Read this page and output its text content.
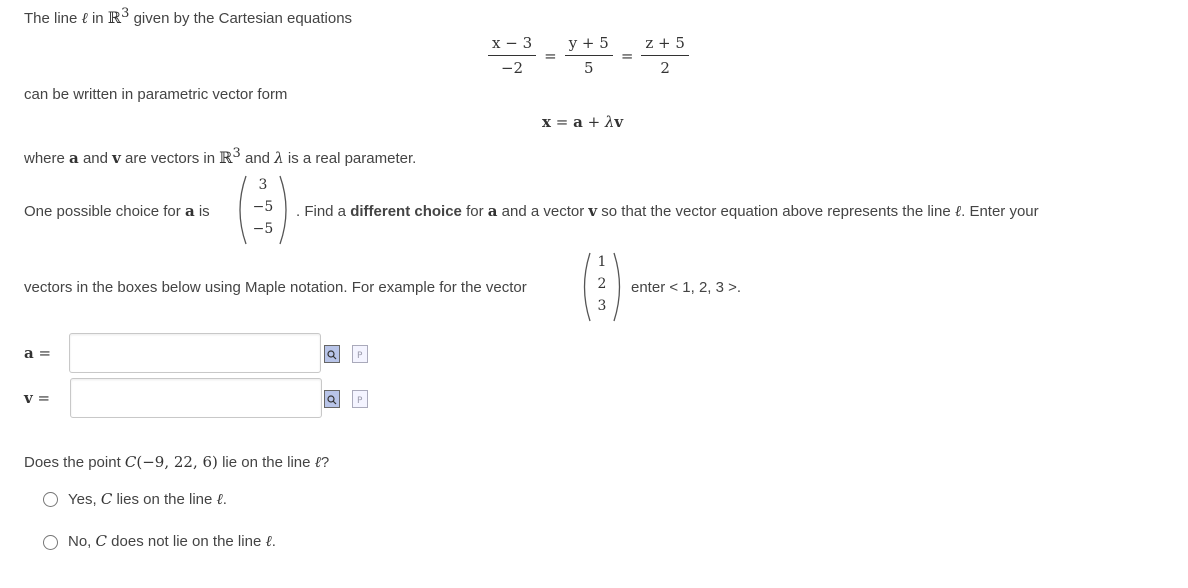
The line ℓ in ℝ$^3$ given by the Cartesian equations
$\frac{x - 3}{-2} = \frac{y + 5}{5} = \frac{z + 5}{2}$
can be written in parametric vector form
x = a + λv
where a and v are vectors in ℝ$^3$ and λ is a real parameter.
One possible choice for a is
3
−5
−5
. Find a different choice for a and a vector v so that the vector equation above represents the line ℓ. Enter your
vectors in the boxes below using Maple notation. For example for the vector
1
2
3
enter < 1, 2, 3 >.
a =	P
v =	P
Does the point C(−9, 22, 6) lie on the line ℓ?
Yes, C lies on the line ℓ.
No, C does not lie on the line ℓ.
